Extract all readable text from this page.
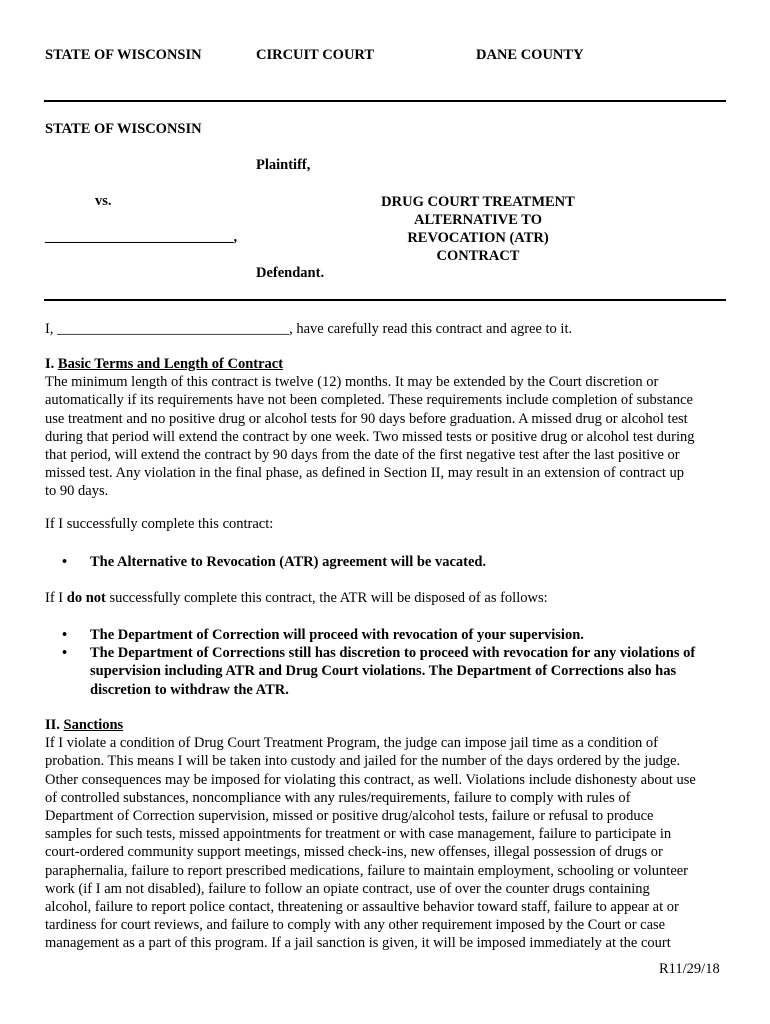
STATE OF WISCONSIN	CIRCUIT COURT	DANE COUNTY
STATE OF WISCONSIN
Plaintiff,
vs.
__________________________,
Defendant.
DRUG COURT TREATMENT
ALTERNATIVE TO
REVOCATION (ATR)
CONTRACT
I, ________________________________, have carefully read this contract and agree to it.
I. Basic Terms and Length of Contract
The minimum length of this contract is twelve (12) months. It may be extended by the Court discretion or
automatically if its requirements have not been completed. These requirements include completion of substance
use treatment and no positive drug or alcohol tests for 90 days before graduation. A missed drug or alcohol test
during that period will extend the contract by one week. Two missed tests or positive drug or alcohol test during
that period, will extend the contract by 90 days from the date of the first negative test after the last positive or
missed test. Any violation in the final phase, as defined in Section II, may result in an extension of contract up
to 90 days.
If I successfully complete this contract:
• The Alternative to Revocation (ATR) agreement will be vacated.
If I do not successfully complete this contract, the ATR will be disposed of as follows:
• The Department of Correction will proceed with revocation of your supervision.
• The Department of Corrections still has discretion to proceed with revocation for any violations of
supervision including ATR and Drug Court violations. The Department of Corrections also has
discretion to withdraw the ATR.
II. Sanctions
If I violate a condition of Drug Court Treatment Program, the judge can impose jail time as a condition of
probation. This means I will be taken into custody and jailed for the number of the days ordered by the judge.
Other consequences may be imposed for violating this contract, as well. Violations include dishonesty about use
of controlled substances, noncompliance with any rules/requirements, failure to comply with rules of
Department of Correction supervision, missed or positive drug/alcohol tests, failure or refusal to produce
samples for such tests, missed appointments for treatment or with case management, failure to participate in
court-ordered community support meetings, missed check-ins, new offenses, illegal possession of drugs or
paraphernalia, failure to report prescribed medications, failure to maintain employment, schooling or volunteer
work (if I am not disabled), failure to follow an opiate contract, use of over the counter drugs containing
alcohol, failure to report police contact, threatening or assaultive behavior toward staff, failure to appear at or
tardiness for court reviews, and failure to comply with any other requirement imposed by the Court or case
management as a part of this program. If a jail sanction is given, it will be imposed immediately at the court
R11/29/18
